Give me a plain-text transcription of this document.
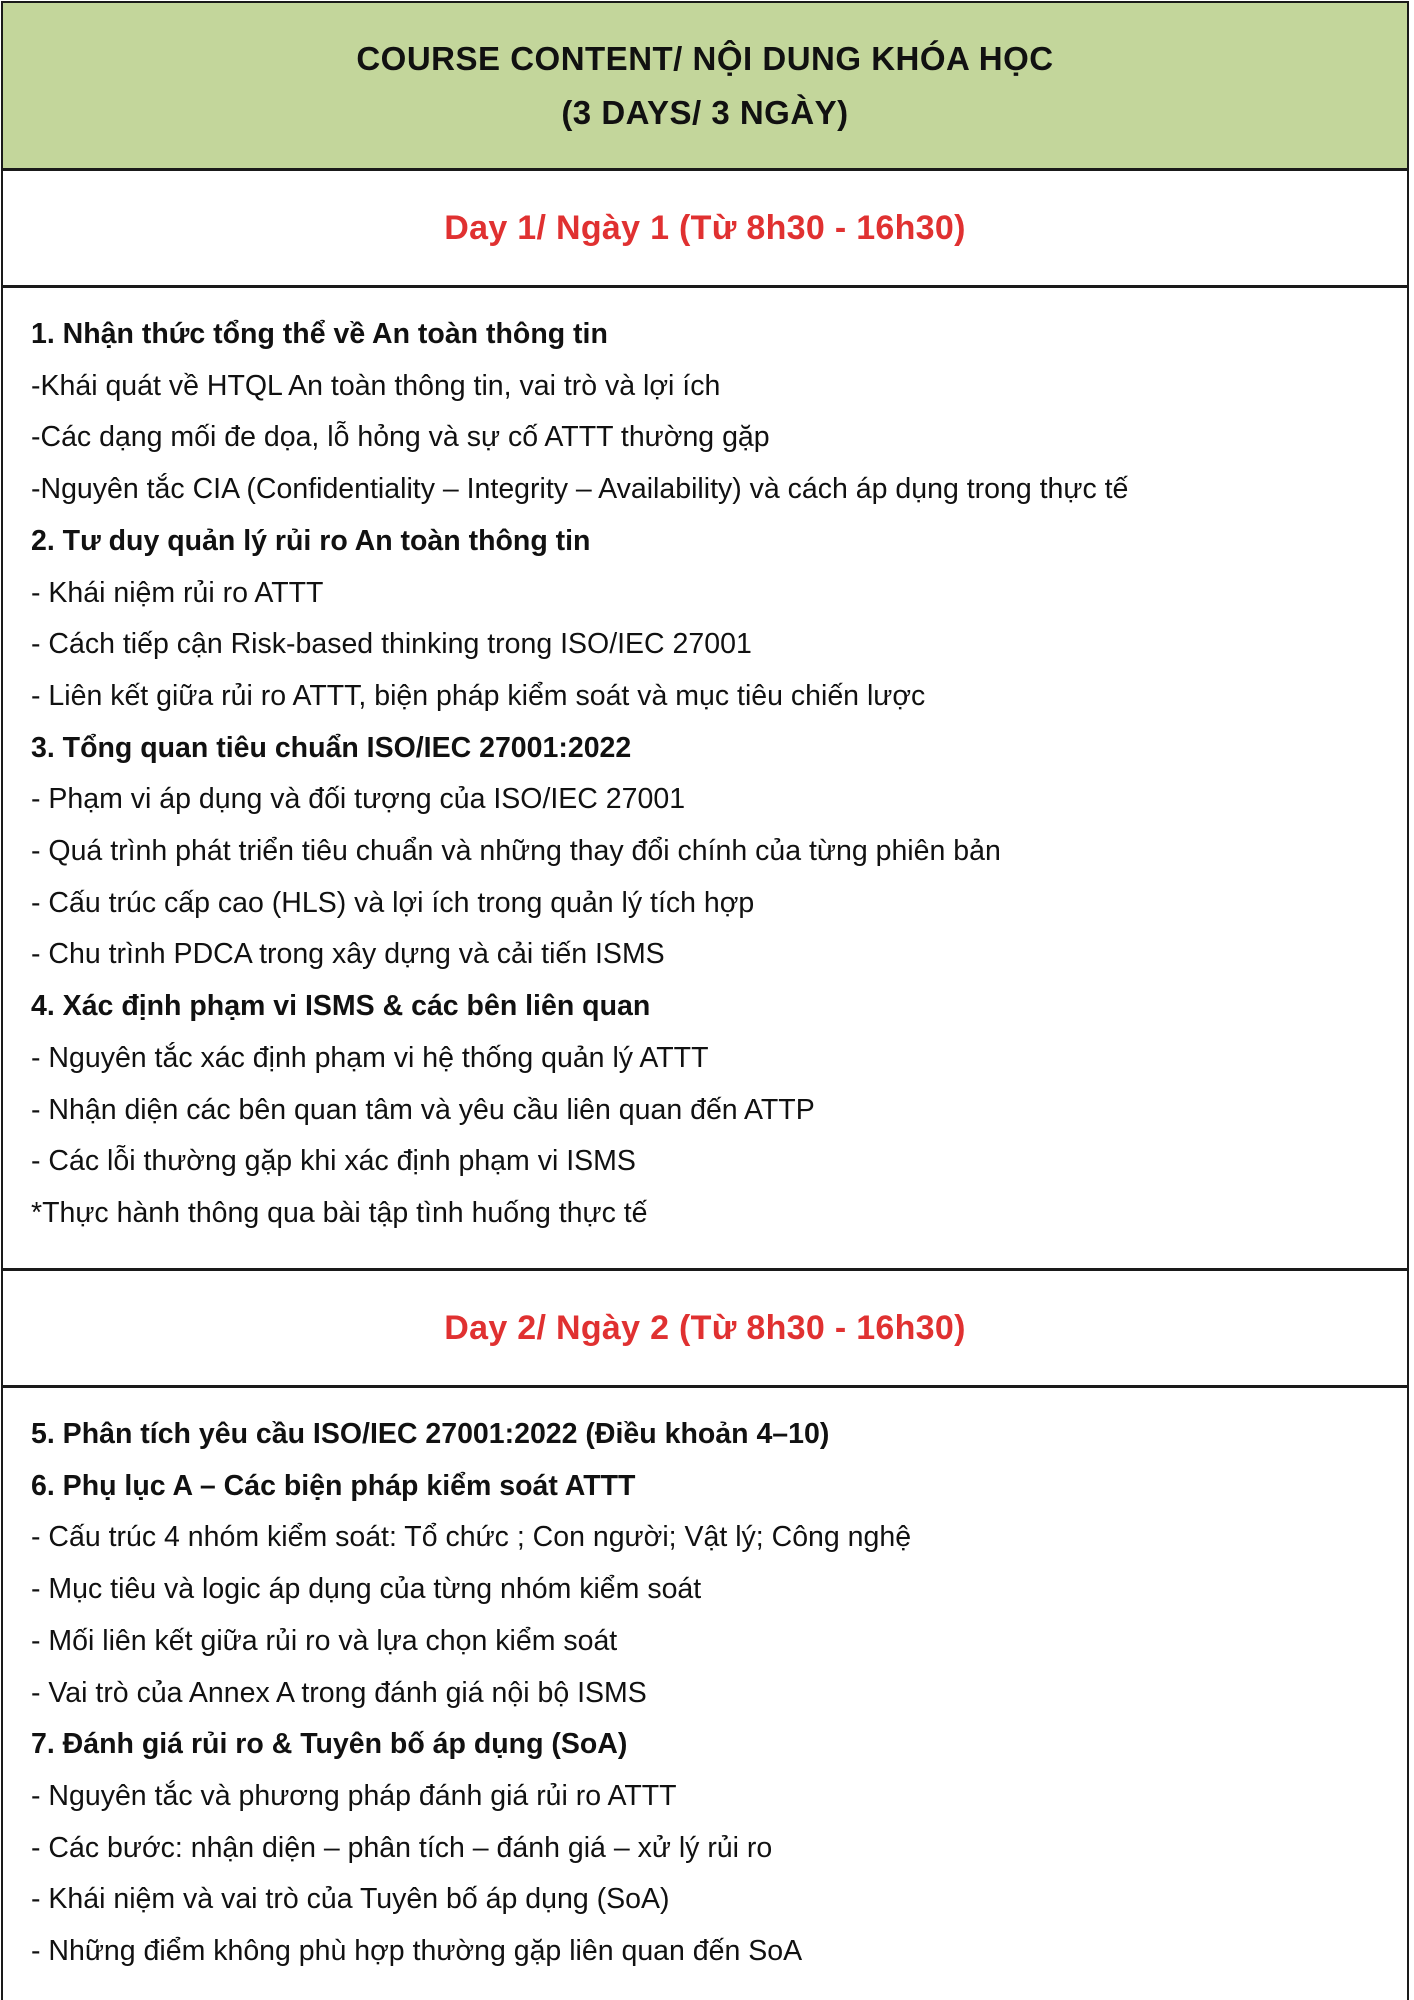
COURSE CONTENT/ NỘI DUNG KHÓA HỌC
(3 DAYS/ 3 NGÀY)
Day 1/ Ngày 1 (Từ 8h30 - 16h30)
1. Nhận thức tổng thể về An toàn thông tin
-Khái quát về HTQL An toàn thông tin, vai trò và lợi ích
-Các dạng mối đe dọa, lỗ hỏng và sự cố ATTT thường gặp
-Nguyên tắc CIA (Confidentiality – Integrity – Availability) và cách áp dụng trong thực tế
2. Tư duy quản lý rủi ro An toàn thông tin
- Khái niệm rủi ro ATTT
- Cách tiếp cận Risk-based thinking trong ISO/IEC 27001
- Liên kết giữa rủi ro ATTT, biện pháp kiểm soát và mục tiêu chiến lược
3. Tổng quan tiêu chuẩn ISO/IEC 27001:2022
- Phạm vi áp dụng và đối tượng của ISO/IEC 27001
- Quá trình phát triển tiêu chuẩn và những thay đổi chính của từng phiên bản
- Cấu trúc cấp cao (HLS) và lợi ích trong quản lý tích hợp
- Chu trình PDCA trong xây dựng và cải tiến ISMS
4. Xác định phạm vi ISMS & các bên liên quan
- Nguyên tắc xác định phạm vi hệ thống quản lý ATTT
- Nhận diện các bên quan tâm và yêu cầu liên quan đến ATTP
- Các lỗi thường gặp khi xác định phạm vi ISMS
*Thực hành thông qua bài tập tình huống thực tế
Day 2/ Ngày 2 (Từ 8h30 - 16h30)
5. Phân tích yêu cầu ISO/IEC 27001:2022 (Điều khoản 4–10)
6. Phụ lục A – Các biện pháp kiểm soát ATTT
- Cấu trúc 4 nhóm kiểm soát: Tổ chức ; Con người; Vật lý; Công nghệ
- Mục tiêu và logic áp dụng của từng nhóm kiểm soát
- Mối liên kết giữa rủi ro và lựa chọn kiểm soát
- Vai trò của Annex A trong đánh giá nội bộ ISMS
7. Đánh giá rủi ro & Tuyên bố áp dụng (SoA)
- Nguyên tắc và phương pháp đánh giá rủi ro ATTT
- Các bước: nhận diện – phân tích – đánh giá – xử lý rủi ro
- Khái niệm và vai trò của Tuyên bố áp dụng (SoA)
- Những điểm không phù hợp thường gặp liên quan đến SoA
